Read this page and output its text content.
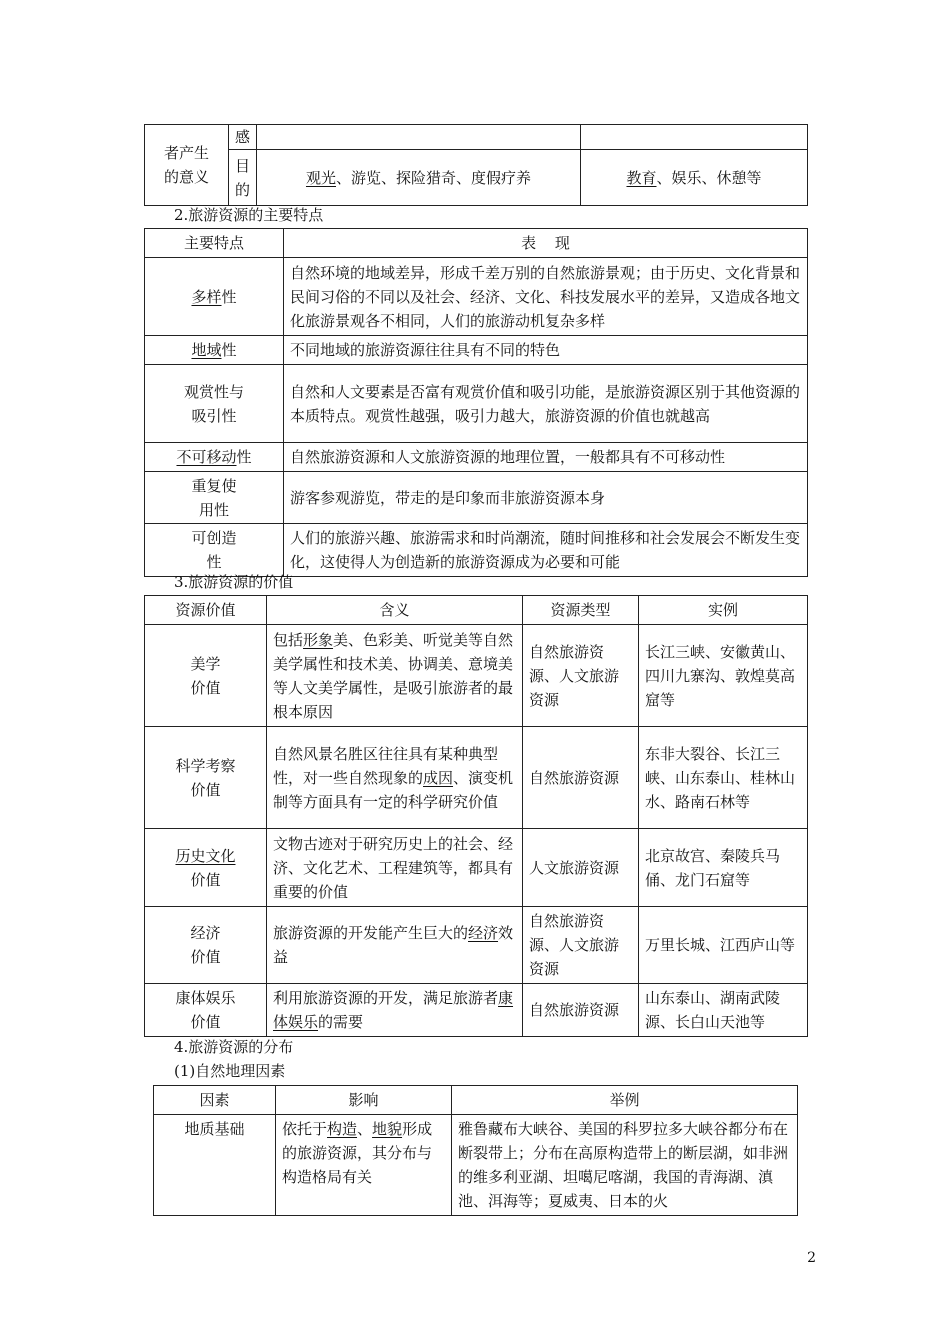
者产生的意义	感		
	目的	观光、游览、探险猎奇、度假疗养	教育、娱乐、休憩等
2.旅游资源的主要特点
主要特点	表 现
多样性	自然环境的地域差异，形成千差万别的自然旅游景观；由于历史、文化背景和民间习俗的不同以及社会、经济、文化、科技发展水平的差异，又造成各地文化旅游景观各不相同，人们的旅游动机复杂多样
地域性	不同地域的旅游资源往往具有不同的特色
观赏性与吸引性	自然和人文要素是否富有观赏价值和吸引功能，是旅游资源区别于其他资源的本质特点。观赏性越强，吸引力越大，旅游资源的价值也就越高
不可移动性	自然旅游资源和人文旅游资源的地理位置，一般都具有不可移动性
重复使用性	游客参观游览，带走的是印象而非旅游资源本身
可创造性	人们的旅游兴趣、旅游需求和时尚潮流，随时间推移和社会发展会不断发生变化，这使得人为创造新的旅游资源成为必要和可能
3.旅游资源的价值
资源价值	含义	资源类型	实例
美学价值	包括形象美、色彩美、听觉美等自然美学属性和技术美、协调美、意境美等人文美学属性，是吸引旅游者的最根本原因	自然旅游资源、人文旅游资源	长江三峡、安徽黄山、四川九寨沟、敦煌莫高窟等
科学考察价值	自然风景名胜区往往具有某种典型性，对一些自然现象的成因、演变机制等方面具有一定的科学研究价值	自然旅游资源	东非大裂谷、长江三峡、山东泰山、桂林山水、路南石林等
历史文化价值	文物古迹对于研究历史上的社会、经济、文化艺术、工程建筑等，都具有重要的价值	人文旅游资源	北京故宫、秦陵兵马俑、龙门石窟等
经济价值	旅游资源的开发能产生巨大的经济效益	自然旅游资源、人文旅游资源	万里长城、江西庐山等
康体娱乐价值	利用旅游资源的开发，满足旅游者康体娱乐的需要	自然旅游资源	山东泰山、湖南武陵源、长白山天池等
4.旅游资源的分布
(1)自然地理因素
因素	影响	举例
地质基础	依托于构造、地貌形成的旅游资源，其分布与构造格局有关	雅鲁藏布大峡谷、美国的科罗拉多大峡谷都分布在断裂带上；分布在高原构造带上的断层湖，如非洲的维多利亚湖、坦噶尼喀湖，我国的青海湖、滇池、洱海等；夏威夷、日本的火
2
